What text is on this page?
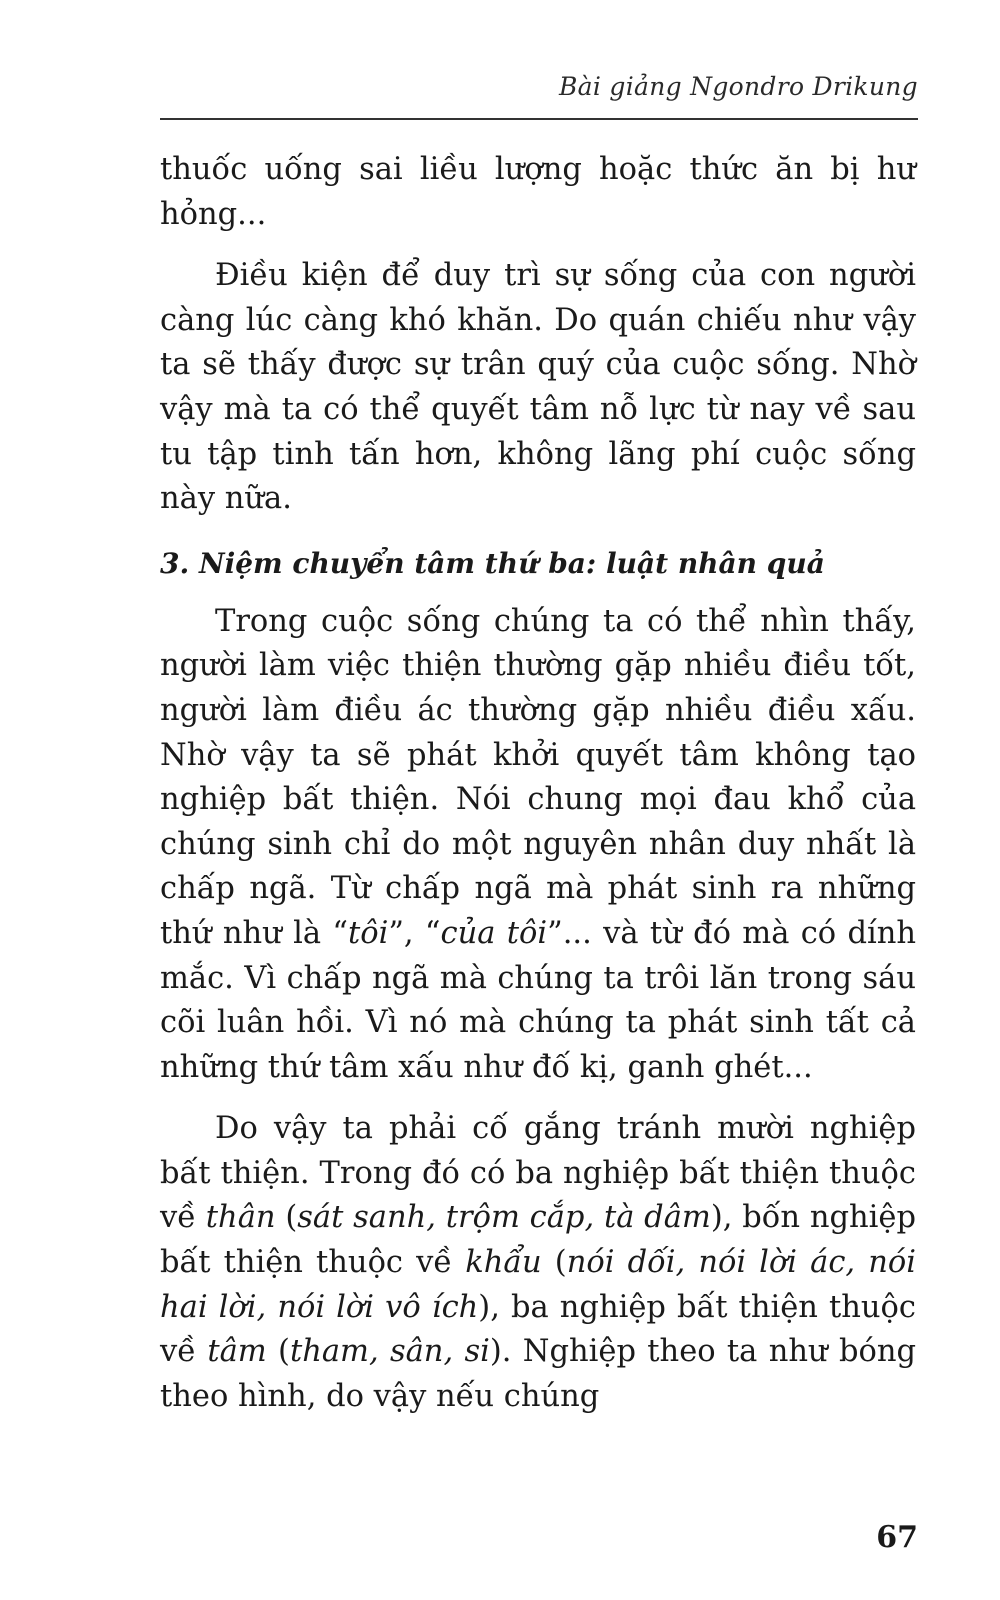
Bài giảng Ngondro Drikung

thuốc uống sai liều lượng hoặc thức ăn bị hư hỏng...

Điều kiện để duy trì sự sống của con người càng lúc càng khó khăn. Do quán chiếu như vậy ta sẽ thấy được sự trân quý của cuộc sống. Nhờ vậy mà ta có thể quyết tâm nỗ lực từ nay về sau tu tập tinh tấn hơn, không lãng phí cuộc sống này nữa.

3. Niệm chuyển tâm thứ ba: luật nhân quả

Trong cuộc sống chúng ta có thể nhìn thấy, người làm việc thiện thường gặp nhiều điều tốt, người làm điều ác thường gặp nhiều điều xấu. Nhờ vậy ta sẽ phát khởi quyết tâm không tạo nghiệp bất thiện. Nói chung mọi đau khổ của chúng sinh chỉ do một nguyên nhân duy nhất là chấp ngã. Từ chấp ngã mà phát sinh ra những thứ như là “tôi”, “của tôi”... và từ đó mà có dính mắc. Vì chấp ngã mà chúng ta trôi lăn trong sáu cõi luân hồi. Vì nó mà chúng ta phát sinh tất cả những thứ tâm xấu như đố kị, ganh ghét...

Do vậy ta phải cố gắng tránh mười nghiệp bất thiện. Trong đó có ba nghiệp bất thiện thuộc về thân (sát sanh, trộm cắp, tà dâm), bốn nghiệp bất thiện thuộc về khẩu (nói dối, nói lời ác, nói hai lời, nói lời vô ích), ba nghiệp bất thiện thuộc về tâm (tham, sân, si). Nghiệp theo ta như bóng theo hình, do vậy nếu chúng

67
